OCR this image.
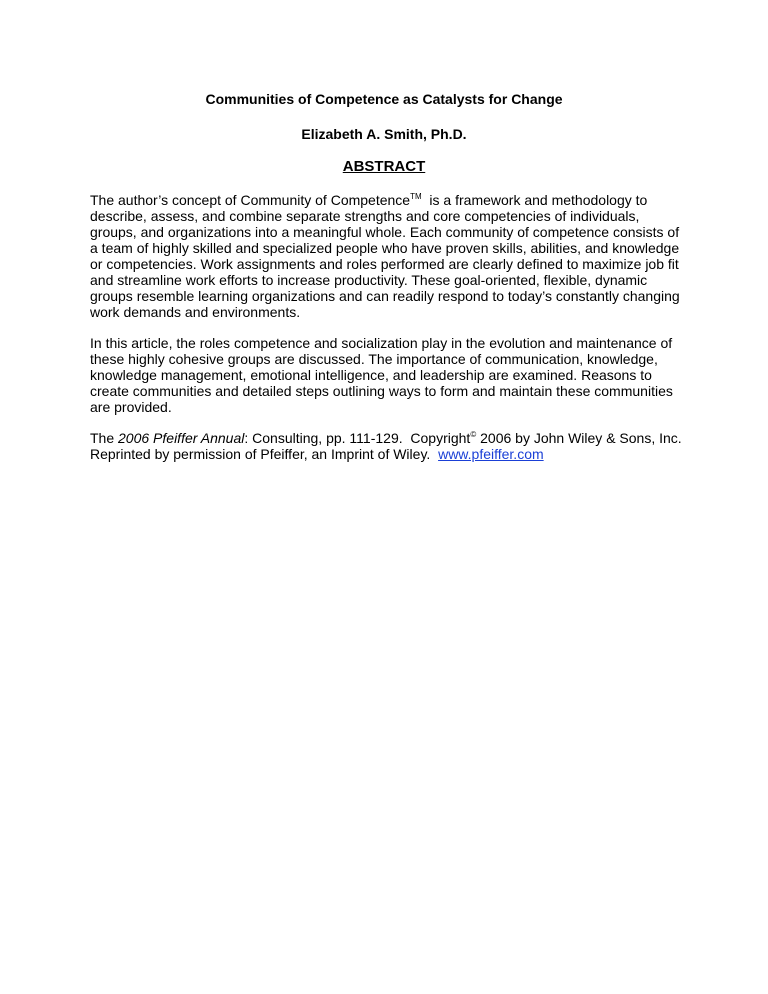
Communities of Competence as Catalysts for Change
Elizabeth A. Smith, Ph.D.
ABSTRACT

The author’s concept of Community of Competence™  is a framework and methodology to
describe, assess, and combine separate strengths and core competencies of individuals,
groups, and organizations into a meaningful whole. Each community of competence consists of
a team of highly skilled and specialized people who have proven skills, abilities, and knowledge
or competencies. Work assignments and roles performed are clearly defined to maximize job fit
and streamline work efforts to increase productivity. These goal-oriented, flexible, dynamic
groups resemble learning organizations and can readily respond to today’s constantly changing
work demands and environments.

In this article, the roles competence and socialization play in the evolution and maintenance of
these highly cohesive groups are discussed. The importance of communication, knowledge,
knowledge management, emotional intelligence, and leadership are examined. Reasons to
create communities and detailed steps outlining ways to form and maintain these communities
are provided.

The 2006 Pfeiffer Annual: Consulting, pp. 111-129.  Copyright© 2006 by John Wiley & Sons, Inc.
Reprinted by permission of Pfeiffer, an Imprint of Wiley.  www.pfeiffer.com
